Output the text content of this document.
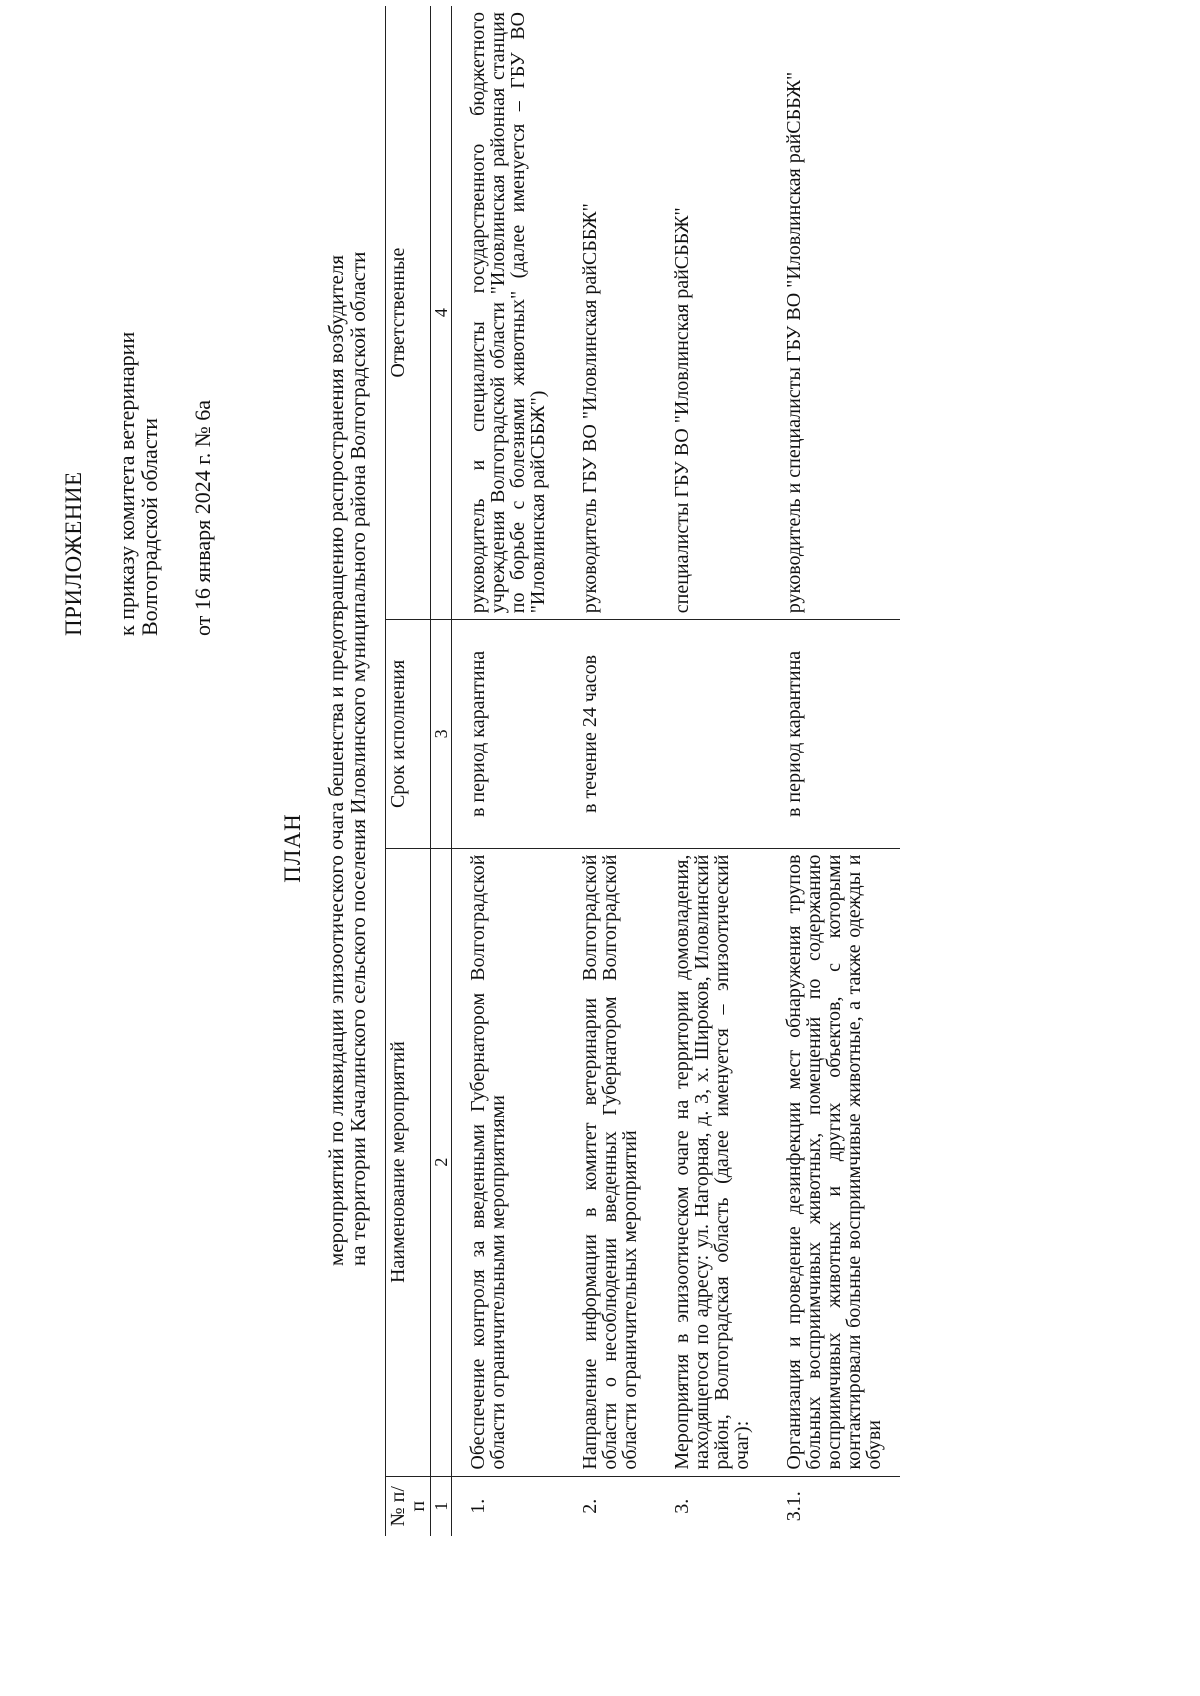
ПРИЛОЖЕНИЕ к приказу комитета ветеринарии
Волгоградской области от 16 января 2024 г. № 6а

ПЛАН мероприятий по ликвидации эпизоотического очага бешенства и предотвращению распространения возбудителя
на территории Качалинского сельского поселения Иловлинского муниципального района Волгоградской области
№ п/п	Наименование мероприятий	Срок исполнения	Ответственные
1	2	3	4
1.	Обеспечение контроля за введенными Губернатором Волгоградской области ограничительными мероприятиями	в период карантина	руководитель и специалисты государственного бюджетного учреждения Волгоградской области "Иловлинская районная станция по борьбе с болезнями животных" (далее именуется – ГБУ ВО "Иловлинская райСББЖ")
2.	Направление информации в комитет ветеринарии Волгоградской области о несоблюдении введенных Губернатором Волгоградской области ограничительных мероприятий	в течение 24 часов	руководитель ГБУ ВО "Иловлинская райСББЖ"
3.	Мероприятия в эпизоотическом очаге на территории домовладения, находящегося по адресу: ул. Нагорная, д. 3, х. Широков, Иловлинский район, Волгоградская область (далее именуется – эпизоотический очаг):		специалисты ГБУ ВО "Иловлинская райСББЖ"
3.1.	Организация и проведение дезинфекции мест обнаружения трупов больных восприимчивых животных, помещений по содержанию восприимчивых животных и других объектов, с которыми контактировали больные восприимчивые животные, а также одежды и обуви	в период карантина	руководитель и специалисты ГБУ ВО "Иловлинская райСББЖ"
